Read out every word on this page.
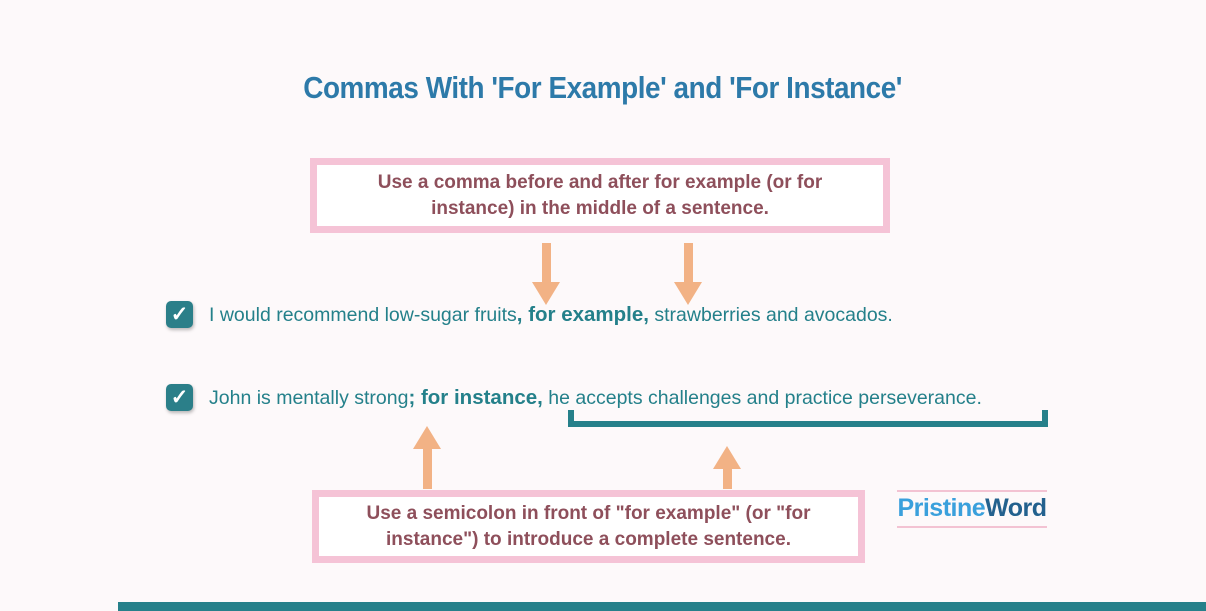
Commas With 'For Example' and 'For Instance'
Use a comma before and after for example (or for instance) in the middle of a sentence.
✓ I would recommend low-sugar fruits, for example, strawberries and avocados.
✓ John is mentally strong; for instance, he accepts challenges and practice perseverance.
Use a semicolon in front of "for example" (or "for instance") to introduce a complete sentence.
PristineWord
